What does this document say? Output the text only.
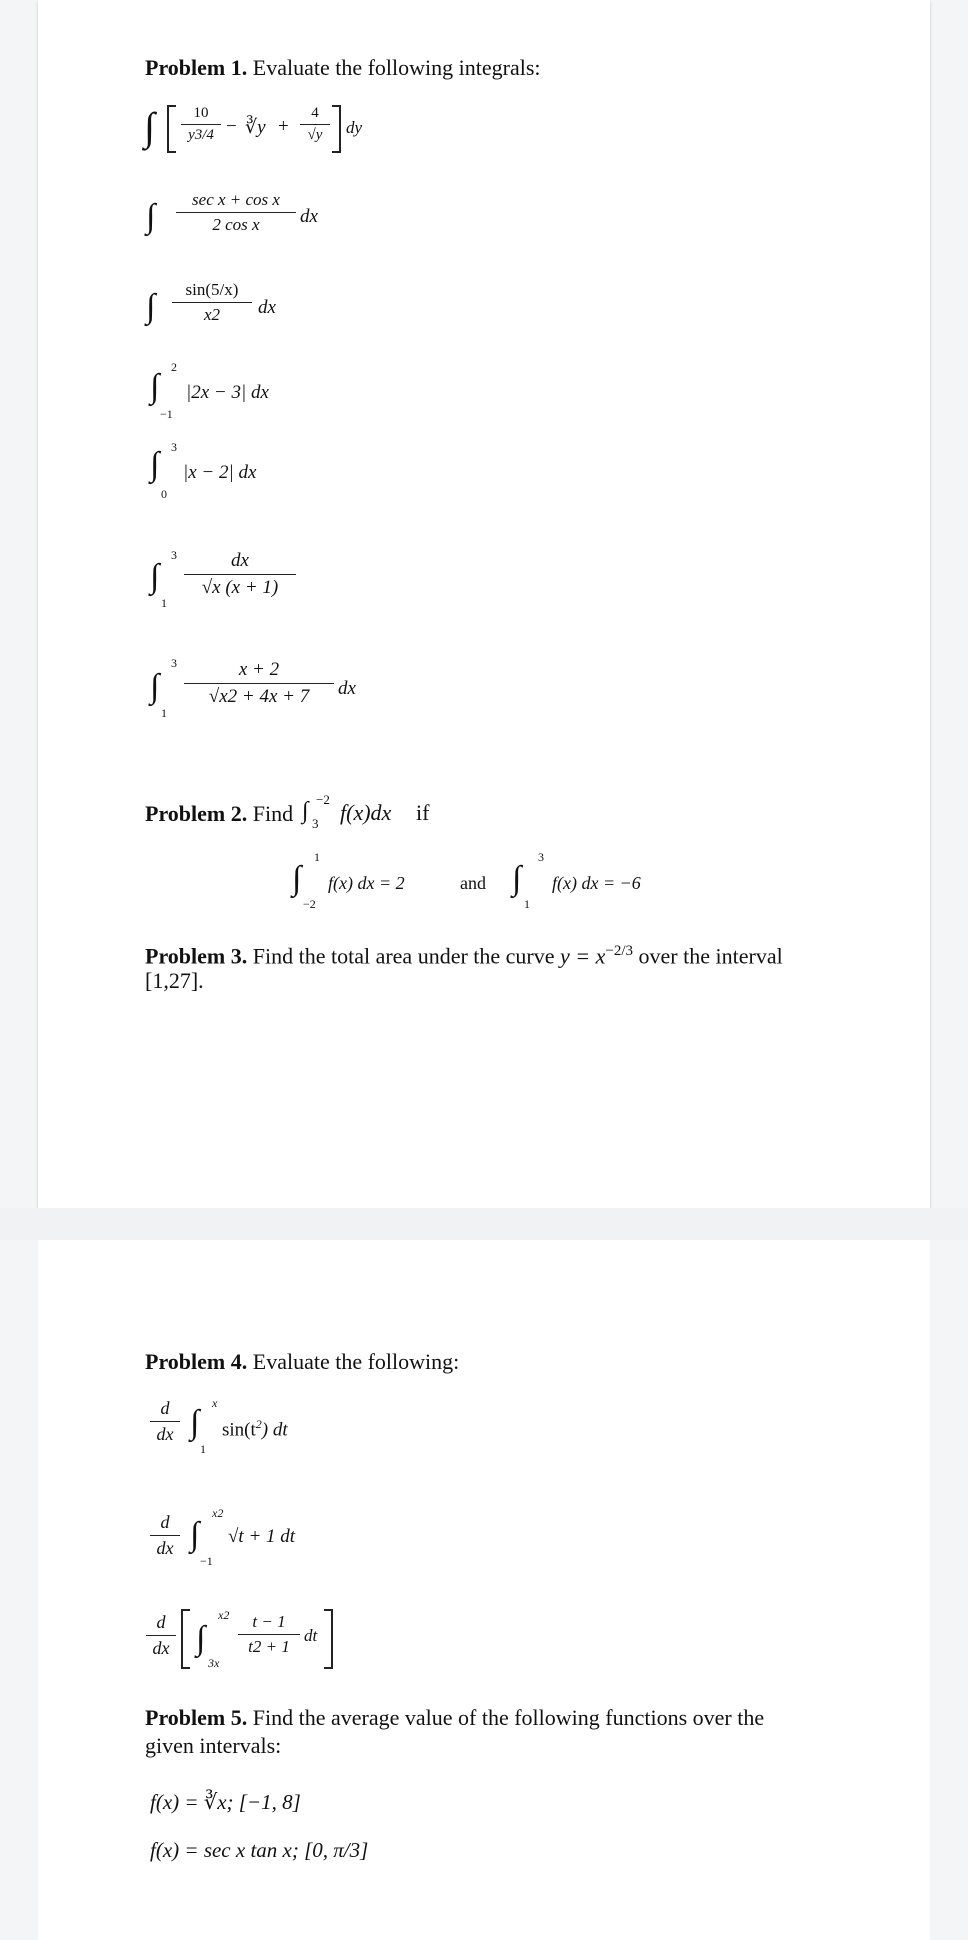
Problem 1. Evaluate the following integrals:
∫ $\frac{10}{y3/4}$ − ∛y + $\frac{4}{√y}$ dy
∫	sec x + cos x
2 cos x	dx
∫ $\frac{\sin(5/x)}{x2}$ dx
∫
2
−1
|2x − 3| dx
∫ 3
0
|x − 2| dx
∫
3
1
$\frac{dx}{√x (x + 1)}$
∫
3
1
$\frac{x + 2}{√x2 + 4x + 7}$ dx
Problem 2. Find ∫ −2
3 f(x)dx if
∫
1
−2
f(x) dx = 2	and ∫
3
1
f(x) dx = −6
Problem 3. Find the total area under the curve $y = x^{-2/3}$ over the interval
[1,27].
Problem 4. Evaluate the following:
$\frac{d}{dx}$ ∫
x
1
$\sin(t^2)$ dt
$\frac{d}{dx}$ ∫
x2
−1
√t + 1 dt
$\frac{d}{dx}$ ∫
x2
3x
$\frac{t - 1}{t2 + 1}$ dt
Problem 5. Find the average value of the following functions over the
given intervals:
f(x) = ∛x; [−1, 8]
f(x) = sec x tan x; [0, π/3]
